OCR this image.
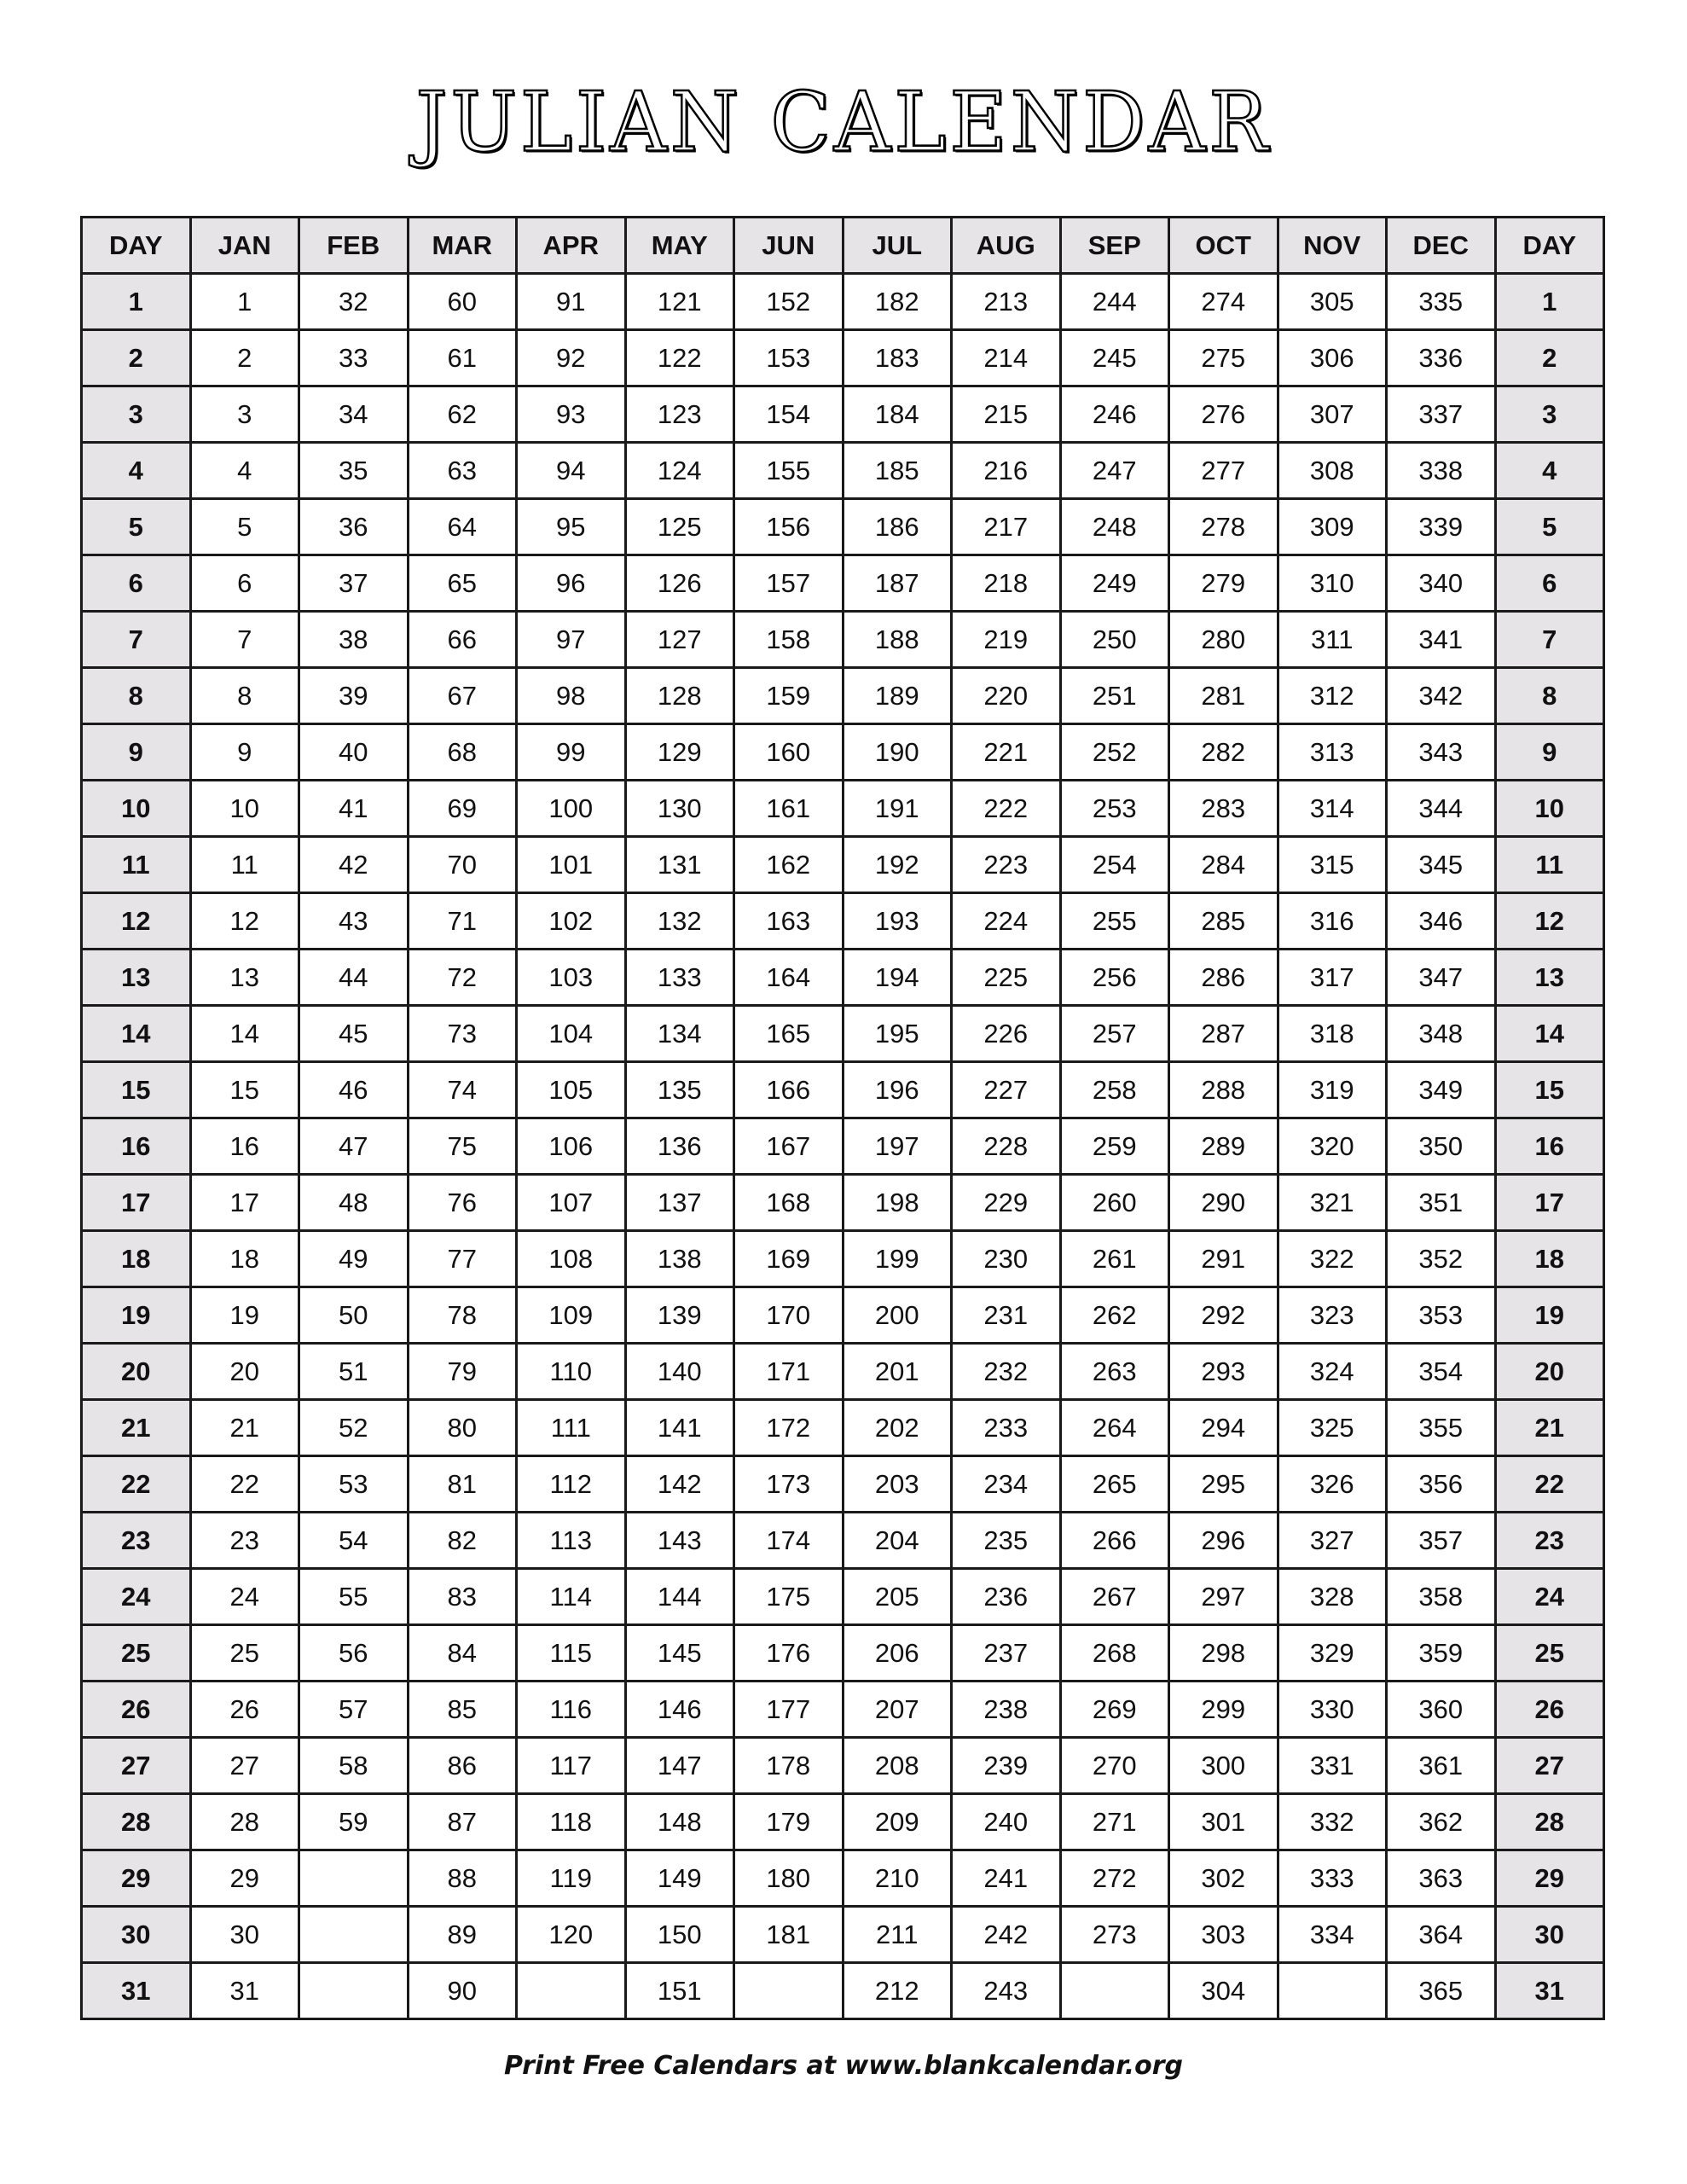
JULIAN CALENDAR
DAY	JAN	FEB	MAR	APR	MAY	JUN	JUL	AUG	SEP	OCT	NOV	DEC	DAY
1	1	32	60	91	121	152	182	213	244	274	305	335	1
2	2	33	61	92	122	153	183	214	245	275	306	336	2
3	3	34	62	93	123	154	184	215	246	276	307	337	3
4	4	35	63	94	124	155	185	216	247	277	308	338	4
5	5	36	64	95	125	156	186	217	248	278	309	339	5
6	6	37	65	96	126	157	187	218	249	279	310	340	6
7	7	38	66	97	127	158	188	219	250	280	311	341	7
8	8	39	67	98	128	159	189	220	251	281	312	342	8
9	9	40	68	99	129	160	190	221	252	282	313	343	9
10	10	41	69	100	130	161	191	222	253	283	314	344	10
11	11	42	70	101	131	162	192	223	254	284	315	345	11
12	12	43	71	102	132	163	193	224	255	285	316	346	12
13	13	44	72	103	133	164	194	225	256	286	317	347	13
14	14	45	73	104	134	165	195	226	257	287	318	348	14
15	15	46	74	105	135	166	196	227	258	288	319	349	15
16	16	47	75	106	136	167	197	228	259	289	320	350	16
17	17	48	76	107	137	168	198	229	260	290	321	351	17
18	18	49	77	108	138	169	199	230	261	291	322	352	18
19	19	50	78	109	139	170	200	231	262	292	323	353	19
20	20	51	79	110	140	171	201	232	263	293	324	354	20
21	21	52	80	111	141	172	202	233	264	294	325	355	21
22	22	53	81	112	142	173	203	234	265	295	326	356	22
23	23	54	82	113	143	174	204	235	266	296	327	357	23
24	24	55	83	114	144	175	205	236	267	297	328	358	24
25	25	56	84	115	145	176	206	237	268	298	329	359	25
26	26	57	85	116	146	177	207	238	269	299	330	360	26
27	27	58	86	117	147	178	208	239	270	300	331	361	27
28	28	59	87	118	148	179	209	240	271	301	332	362	28
29	29		88	119	149	180	210	241	272	302	333	363	29
30	30		89	120	150	181	211	242	273	303	334	364	30
31	31		90		151		212	243		304		365	31
Print Free Calendars at www.blankcalendar.org
